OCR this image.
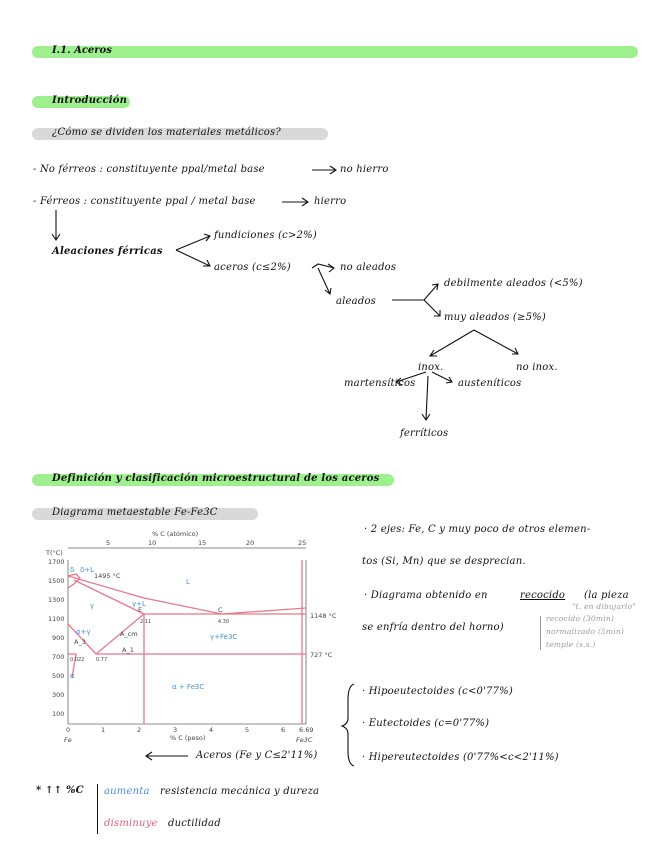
I.1. Aceros
Introducción
¿Cómo se dividen los materiales metálicos?
- No férreos : constituyente ppal/metal base	no hierro
- Férreos : constituyente ppal / metal base	hierro
Aleaciones férricas
fundiciones (c>2%)
aceros (c≤2%)	no aleados
aleados
debilmente aleados (<5%)
muy aleados (≥5%)
inox.	no inox.
martensíticos	austeníticos
ferríticos
Definición y clasificación microestructural de los aceros
Diagrama metaestable Fe-Fe3C
% C (atómico)
T(°C)
% C (peso)
Fe	Fe3C
1700
1500
1300
1100
900
700
500
300
100
0	1	2	3	4	5	6 6.69
5	10	15	20	25
1495 °C
1148 °C
727 °C
2.11	4.30
0.022 0.77
δ δ+L
L
γ+L
γ
γ+Fe3C
α+γ
α
α + Fe3C
A_cm
A_3
A_1
E	C
Aceros (Fe y C≤2'11%)
· 2 ejes: Fe, C y muy poco de otros elemen-
tos (Si, Mn) que se desprecian.
· Diagrama obtenido en	recocido (la pieza
se enfría dentro del horno)
"t. en dibujarlo"
recocido (30min)
normalizado (5min)
temple (s.s.)
· Hipoeutectoides (c<0'77%)
· Eutectoides (c=0'77%)
· Hipereutectoides (0'77%<c<2'11%)
* ↑↑ %C aumenta resistencia mecánica y dureza
disminuye ductilidad
